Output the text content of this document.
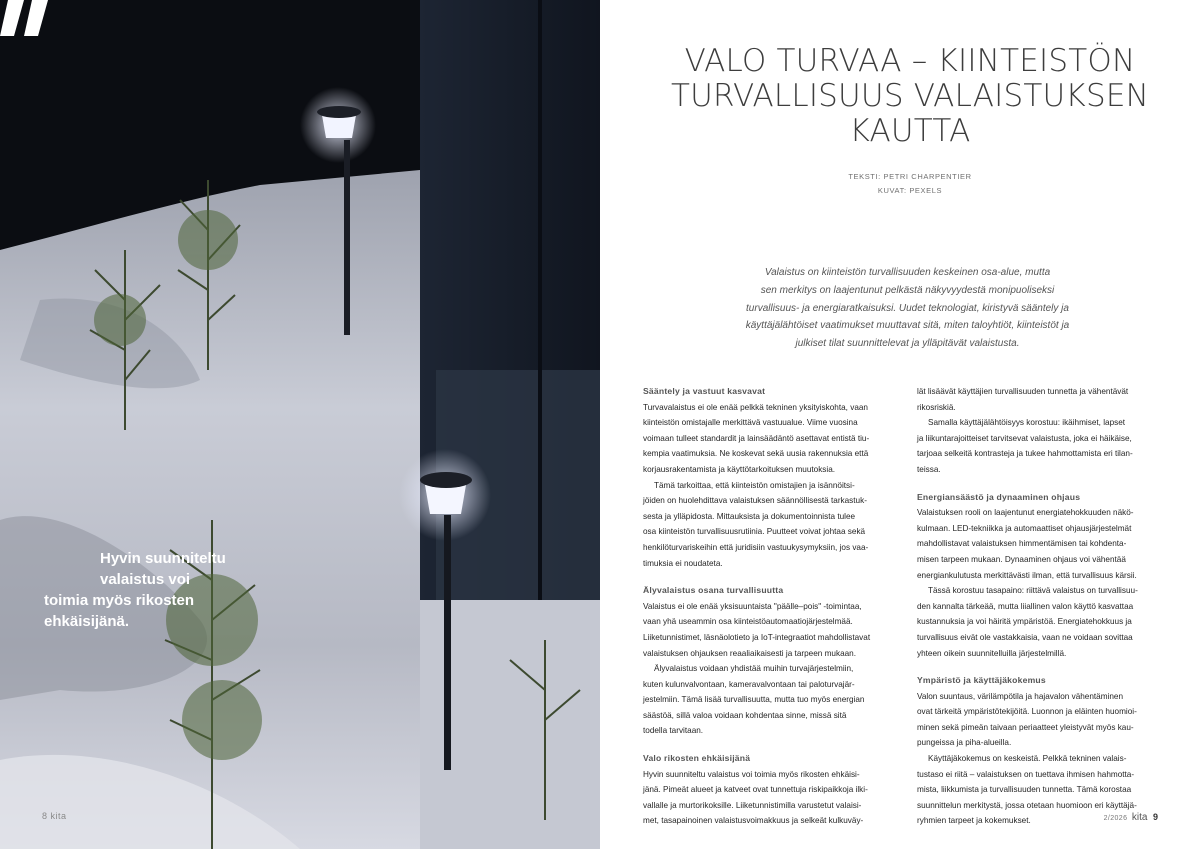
Hyvin suunniteltu
valaistus voi
toimia myös rikosten
ehkäisijänä.
8 kita
VALO TURVAA – KIINTEISTÖN
TURVALLISUUS VALAISTUKSEN
KAUTTA
TEKSTI: PETRI CHARPENTIER
KUVAT: PEXELS
Valaistus on kiinteistön turvallisuuden keskeinen osa-alue, mutta
sen merkitys on laajentunut pelkästä näkyvyydestä monipuoliseksi
turvallisuus- ja energiaratkaisuksi. Uudet teknologiat, kiristyvä sääntely ja
käyttäjälähtöiset vaatimukset muuttavat sitä, miten taloyhtiöt, kiinteistöt ja
julkiset tilat suunnittelevat ja ylläpitävät valaistusta.
Sääntely ja vastuut kasvavat
Turvavalaistus ei ole enää pelkkä tekninen yksityiskohta, vaan
kiinteistön omistajalle merkittävä vastuualue. Viime vuosina
voimaan tulleet standardit ja lainsäädäntö asettavat entistä tiu-
kempia vaatimuksia. Ne koskevat sekä uusia rakennuksia että
korjausrakentamista ja käyttötarkoituksen muutoksia.
Tämä tarkoittaa, että kiinteistön omistajien ja isännöitsi-
jöiden on huolehdittava valaistuksen säännöllisestä tarkastuk-
sesta ja ylläpidosta. Mittauksista ja dokumentoinnista tulee
osa kiinteistön turvallisuusrutiinia. Puutteet voivat johtaa sekä
henkilöturvariskeihin että juridisiin vastuukysymyksiin, jos vaa-
timuksia ei noudateta.
Älyvalaistus osana turvallisuutta
Valaistus ei ole enää yksisuuntaista "päälle–pois" -toimintaa,
vaan yhä useammin osa kiinteistöautomaatiojärjestelmää.
Liiketunnistimet, läsnäolotieto ja IoT-integraatiot mahdollistavat
valaistuksen ohjauksen reaaliaikaisesti ja tarpeen mukaan.
Älyvalaistus voidaan yhdistää muihin turvajärjestelmiin,
kuten kulunvalvontaan, kameravalvontaan tai paloturvajär-
jestelmiin. Tämä lisää turvallisuutta, mutta tuo myös energian
säästöä, sillä valoa voidaan kohdentaa sinne, missä sitä
todella tarvitaan.
Valo rikosten ehkäisijänä
Hyvin suunniteltu valaistus voi toimia myös rikosten ehkäisi-
jänä. Pimeät alueet ja katveet ovat tunnettuja riskipaikkoja ilki-
vallalle ja murtorikoksille. Liiketunnistimilla varustetut valaisi-
met, tasapainoinen valaistusvoimakkuus ja selkeät kulkuväy-
lät lisäävät käyttäjien turvallisuuden tunnetta ja vähentävät
rikosriskiä.
Samalla käyttäjälähtöisyys korostuu: ikäihmiset, lapset
ja liikuntarajoitteiset tarvitsevat valaistusta, joka ei häikäise,
tarjoaa selkeitä kontrasteja ja tukee hahmottamista eri tilan-
teissa.
Energiansäästö ja dynaaminen ohjaus
Valaistuksen rooli on laajentunut energiatehokkuuden näkö-
kulmaan. LED-tekniikka ja automaattiset ohjausjärjestelmät
mahdollistavat valaistuksen himmentämisen tai kohdenta-
misen tarpeen mukaan. Dynaaminen ohjaus voi vähentää
energiankulutusta merkittävästi ilman, että turvallisuus kärsii.
Tässä korostuu tasapaino: riittävä valaistus on turvallisuu-
den kannalta tärkeää, mutta liiallinen valon käyttö kasvattaa
kustannuksia ja voi häiritä ympäristöä. Energiatehokkuus ja
turvallisuus eivät ole vastakkaisia, vaan ne voidaan sovittaa
yhteen oikein suunnitelluilla järjestelmillä.
Ympäristö ja käyttäjäkokemus
Valon suuntaus, värilämpötila ja hajavalon vähentäminen
ovat tärkeitä ympäristötekijöitä. Luonnon ja eläinten huomioi-
minen sekä pimeän taivaan periaatteet yleistyvät myös kau-
pungeissa ja piha-alueilla.
Käyttäjäkokemus on keskeistä. Pelkkä tekninen valais-
tustaso ei riitä – valaistuksen on tuettava ihmisen hahmotta-
mista, liikkumista ja turvallisuuden tunnetta. Tämä korostaa
suunnittelun merkitystä, jossa otetaan huomioon eri käyttäjä-
ryhmien tarpeet ja kokemukset.	2/2026 kita 9
